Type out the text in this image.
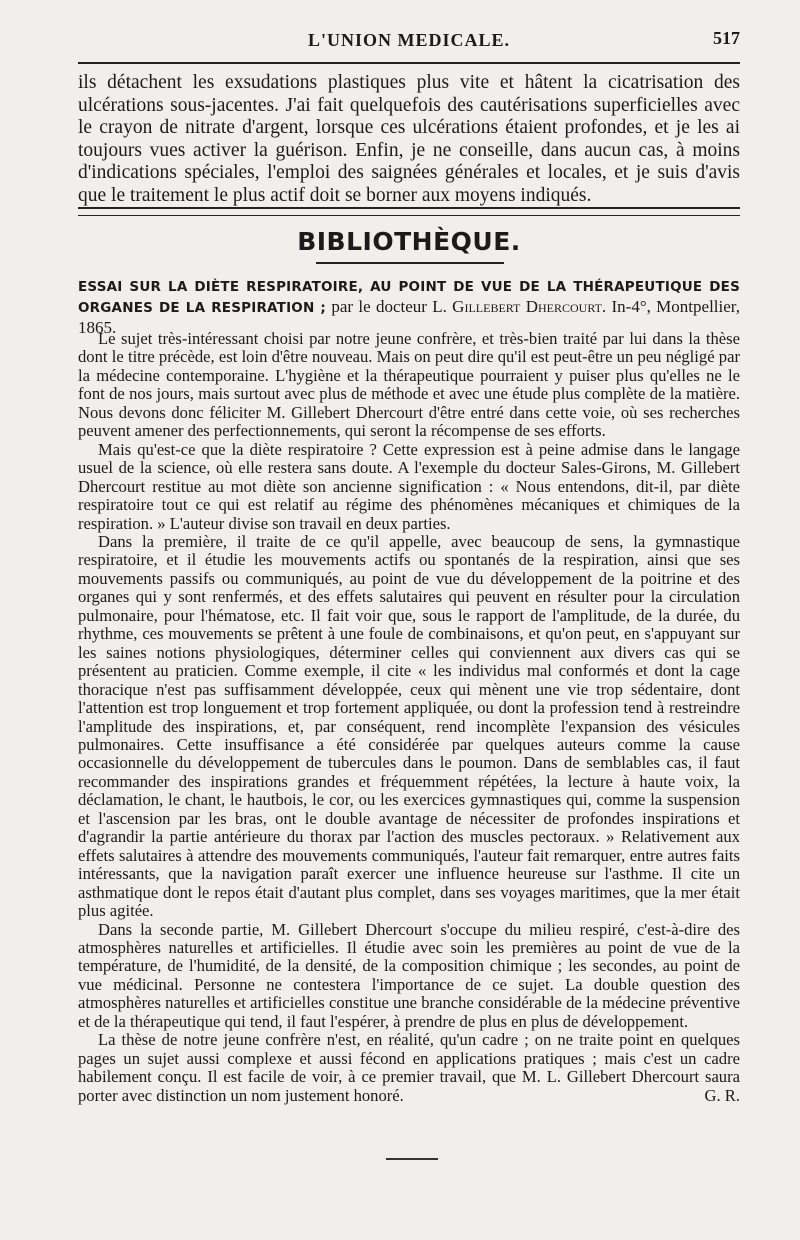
L'UNION MEDICALE.	517
ils détachent les exsudations plastiques plus vite et hâtent la cicatrisation des ulcérations sous-jacentes. J'ai fait quelquefois des cautérisations superficielles avec le crayon de nitrate d'argent, lorsque ces ulcérations étaient profondes, et je les ai toujours vues activer la guérison. Enfin, je ne conseille, dans aucun cas, à moins d'indications spéciales, l'emploi des saignées générales et locales, et je suis d'avis que le traitement le plus actif doit se borner aux moyens indiqués.
BIBLIOTHÈQUE.
ESSAI SUR LA DIÈTE RESPIRATOIRE, AU POINT DE VUE DE LA THÉRAPEUTIQUE DES ORGANES DE LA RESPIRATION ; par le docteur L. Gillebert Dhercourt. In-4°, Montpellier, 1865.

Le sujet très-intéressant choisi par notre jeune confrère, et très-bien traité par lui dans la thèse dont le titre précède, est loin d'être nouveau. Mais on peut dire qu'il est peut-être un peu négligé par la médecine contemporaine. L'hygiène et la thérapeutique pourraient y puiser plus qu'elles ne le font de nos jours, mais surtout avec plus de méthode et avec une étude plus complète de la matière. Nous devons donc féliciter M. Gillebert Dhercourt d'être entré dans cette voie, où ses recherches peuvent amener des perfectionnements, qui seront la récompense de ses efforts.

Mais qu'est-ce que la diète respiratoire ? Cette expression est à peine admise dans le langage usuel de la science, où elle restera sans doute. A l'exemple du docteur Sales-Girons, M. Gillebert Dhercourt restitue au mot diète son ancienne signification : « Nous entendons, dit-il, par diète respiratoire tout ce qui est relatif au régime des phénomènes mécaniques et chimiques de la respiration. » L'auteur divise son travail en deux parties.

Dans la première, il traite de ce qu'il appelle, avec beaucoup de sens, la gymnastique respiratoire, et il étudie les mouvements actifs ou spontanés de la respiration, ainsi que ses mouvements passifs ou communiqués, au point de vue du développement de la poitrine et des organes qui y sont renfermés, et des effets salutaires qui peuvent en résulter pour la circulation pulmonaire, pour l'hématose, etc. Il fait voir que, sous le rapport de l'amplitude, de la durée, du rhythme, ces mouvements se prêtent à une foule de combinaisons, et qu'on peut, en s'appuyant sur les saines notions physiologiques, déterminer celles qui conviennent aux divers cas qui se présentent au praticien. Comme exemple, il cite « les individus mal conformés et dont la cage thoracique n'est pas suffisamment développée, ceux qui mènent une vie trop sédentaire, dont l'attention est trop longuement et trop fortement appliquée, ou dont la profession tend à restreindre l'amplitude des inspirations, et, par conséquent, rend incomplète l'expansion des vésicules pulmonaires. Cette insuffisance a été considérée par quelques auteurs comme la cause occasionnelle du développement de tubercules dans le poumon. Dans de semblables cas, il faut recommander des inspirations grandes et fréquemment répétées, la lecture à haute voix, la déclamation, le chant, le hautbois, le cor, ou les exercices gymnastiques qui, comme la suspension et l'ascension par les bras, ont le double avantage de nécessiter de profondes inspirations et d'agrandir la partie antérieure du thorax par l'action des muscles pectoraux. » Relativement aux effets salutaires à attendre des mouvements communiqués, l'auteur fait remarquer, entre autres faits intéressants, que la navigation paraît exercer une influence heureuse sur l'asthme. Il cite un asthmatique dont le repos était d'autant plus complet, dans ses voyages maritimes, que la mer était plus agitée.

Dans la seconde partie, M. Gillebert Dhercourt s'occupe du milieu respiré, c'est-à-dire des atmosphères naturelles et artificielles. Il étudie avec soin les premières au point de vue de la température, de l'humidité, de la densité, de la composition chimique ; les secondes, au point de vue médicinal. Personne ne contestera l'importance de ce sujet. La double question des atmosphères naturelles et artificielles constitue une branche considérable de la médecine préventive et de la thérapeutique qui tend, il faut l'espérer, à prendre de plus en plus de développement.

La thèse de notre jeune confrère n'est, en réalité, qu'un cadre ; on ne traite point en quelques pages un sujet aussi complexe et aussi fécond en applications pratiques ; mais c'est un cadre habilement conçu. Il est facile de voir, à ce premier travail, que M. L. Gillebert Dhercourt saura porter avec distinction un nom justement honoré.	G. R.
